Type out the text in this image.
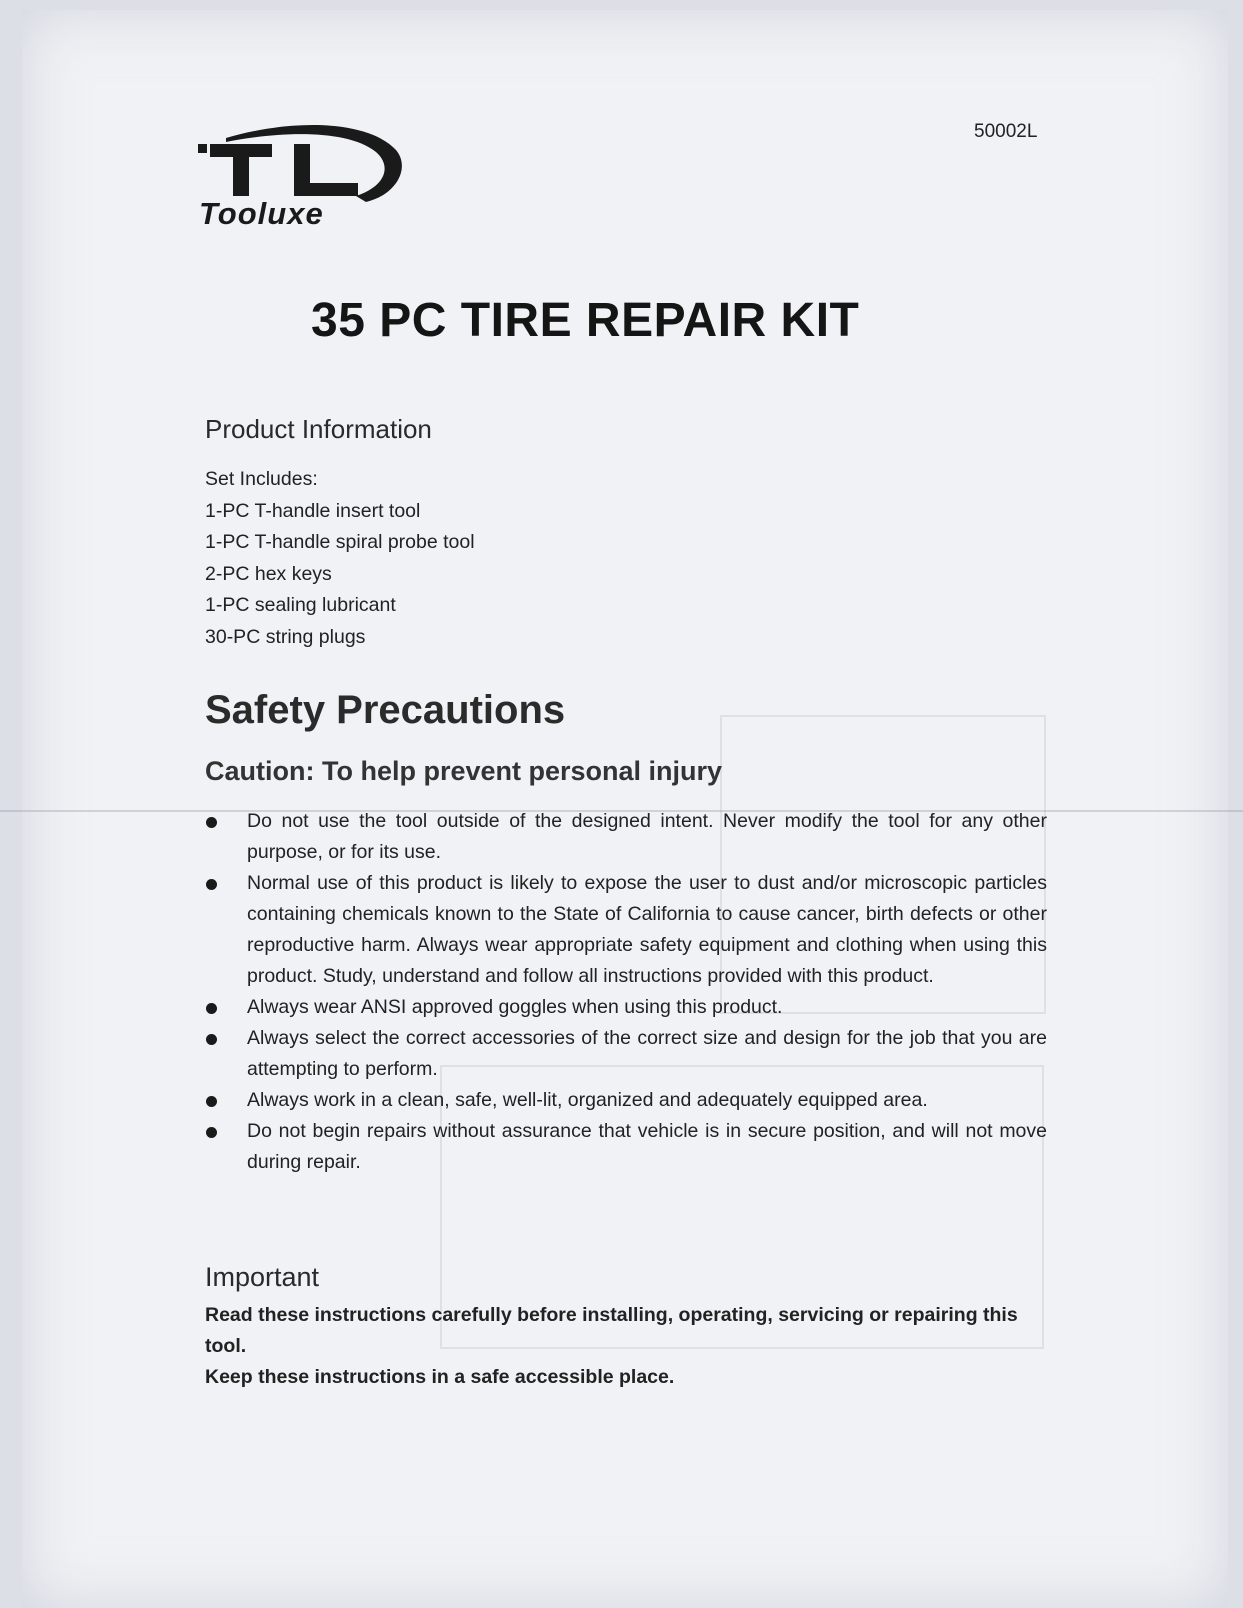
50002L
Tooluxe
35 PC TIRE REPAIR KIT
Product Information
Set Includes:
1-PC T-handle insert tool
1-PC T-handle spiral probe tool
2-PC hex keys
1-PC sealing lubricant
30-PC string plugs
Safety Precautions
Caution: To help prevent personal injury
Do not use the tool outside of the designed intent. Never modify the tool for any other purpose, or for its use.
Normal use of this product is likely to expose the user to dust and/or microscopic particles containing chemicals known to the State of California to cause cancer, birth defects or other reproductive harm. Always wear appropriate safety equipment and clothing when using this product. Study, understand and follow all instructions provided with this product.
Always wear ANSI approved goggles when using this product.
Always select the correct accessories of the correct size and design for the job that you are attempting to perform.
Always work in a clean, safe, well-lit, organized and adequately equipped area.
Do not begin repairs without assurance that vehicle is in secure position, and will not move during repair.
Important
Read these instructions carefully before installing, operating, servicing or repairing this tool.
Keep these instructions in a safe accessible place.
